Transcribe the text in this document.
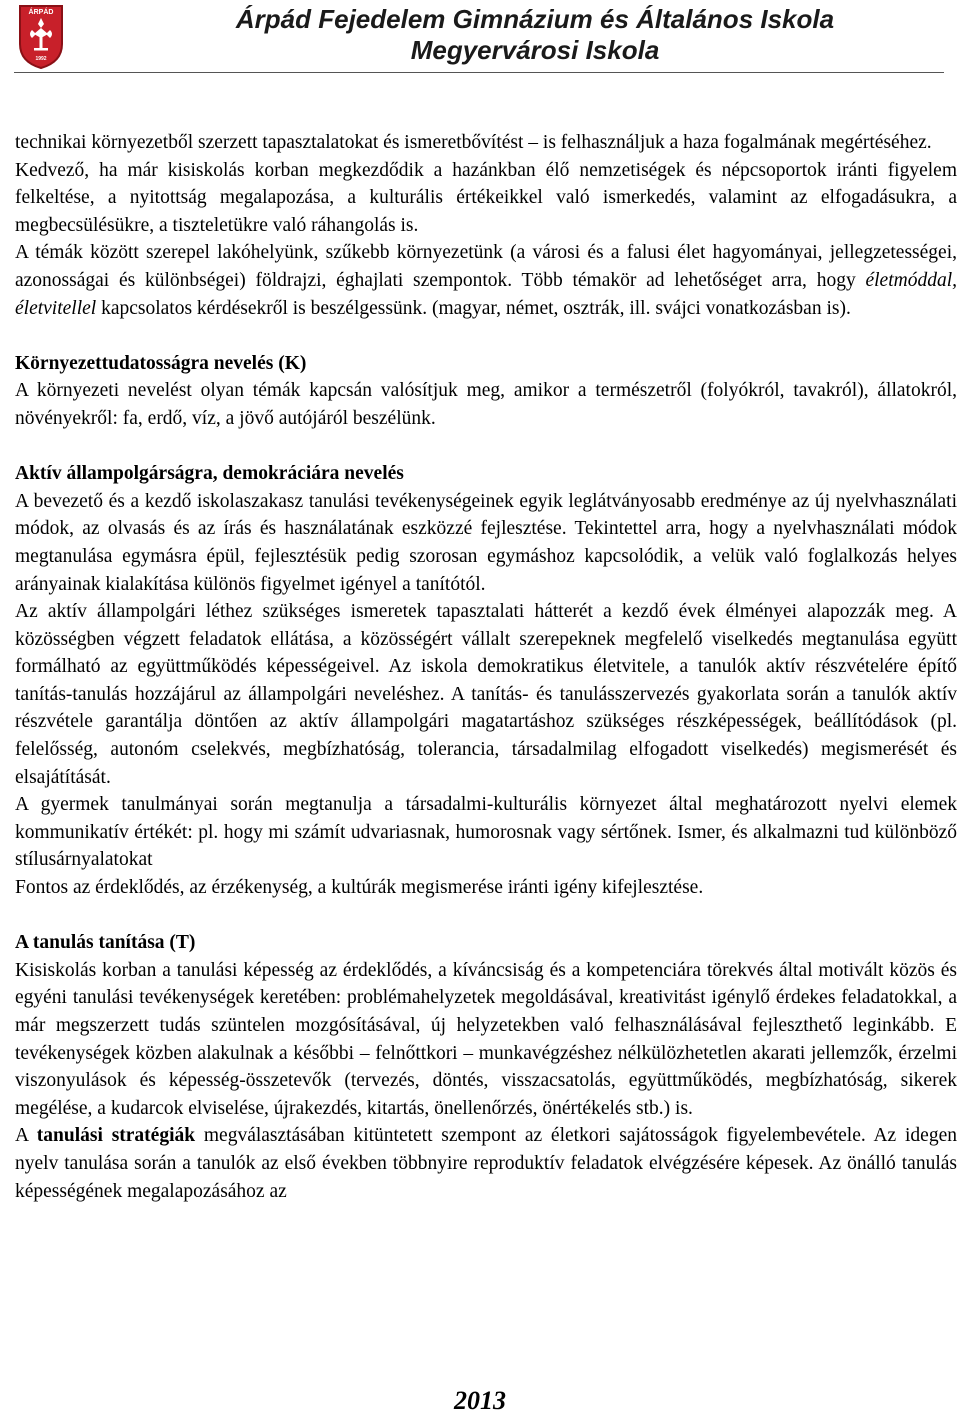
ÁRPÁD
1992
Árpád Fejedelem Gimnázium és Általános Iskola
Megyervárosi Iskola

technikai környezetből szerzett tapasztalatokat és ismeretbővítést – is felhasználjuk a haza fogalmának megértéséhez.

Kedvező, ha már kisiskolás korban megkezdődik a hazánkban élő nemzetiségek és népcsoportok iránti figyelem felkeltése, a nyitottság megalapozása, a kulturális értékeikkel való ismerkedés, valamint az elfogadásukra, a megbecsülésükre, a tiszteletükre való ráhangolás is.

A témák között szerepel lakóhelyünk, szűkebb környezetünk (a városi és a falusi élet hagyományai, jellegzetességei, azonosságai és különbségei) földrajzi, éghajlati szempontok. Több témakör ad lehetőséget arra, hogy életmóddal, életvitellel kapcsolatos kérdésekről is beszélgessünk. (magyar, német, osztrák, ill. svájci vonatkozásban is).

Környezettudatosságra nevelés (K)

A környezeti nevelést olyan témák kapcsán valósítjuk meg, amikor a természetről (folyókról, tavakról), állatokról, növényekről: fa, erdő, víz, a jövő autójáról beszélünk.

Aktív állampolgárságra, demokráciára nevelés

A bevezető és a kezdő iskolaszakasz tanulási tevékenységeinek egyik leglátványosabb eredménye az új nyelvhasználati módok, az olvasás és az írás és használatának eszközzé fejlesztése. Tekintettel arra, hogy a nyelvhasználati módok megtanulása egymásra épül, fejlesztésük pedig szorosan egymáshoz kapcsolódik, a velük való foglalkozás helyes arányainak kialakítása különös figyelmet igényel a tanítótól.

Az aktív állampolgári léthez szükséges ismeretek tapasztalati hátterét a kezdő évek élményei alapozzák meg. A közösségben végzett feladatok ellátása, a közösségért vállalt szerepeknek megfelelő viselkedés megtanulása együtt formálható az együttműködés képességeivel. Az iskola demokratikus életvitele, a tanulók aktív részvételére építő tanítás-tanulás hozzájárul az állampolgári neveléshez. A tanítás- és tanulásszervezés gyakorlata során a tanulók aktív részvétele garantálja döntően az aktív állampolgári magatartáshoz szükséges részképességek, beállítódások (pl. felelősség, autonóm cselekvés, megbízhatóság, tolerancia, társadalmilag elfogadott viselkedés) megismerését és elsajátítását.

A gyermek tanulmányai során megtanulja a társadalmi-kulturális környezet által meghatározott nyelvi elemek kommunikatív értékét: pl. hogy mi számít udvariasnak, humorosnak vagy sértőnek. Ismer, és alkalmazni tud különböző stílusárnyalatokat

Fontos az érdeklődés, az érzékenység, a kultúrák megismerése iránti igény kifejlesztése.

A tanulás tanítása (T)

Kisiskolás korban a tanulási képesség az érdeklődés, a kíváncsiság és a kompetenciára törekvés által motivált közös és egyéni tanulási tevékenységek keretében: problémahelyzetek megoldásával, kreativitást igénylő érdekes feladatokkal, a már megszerzett tudás szüntelen mozgósításával, új helyzetekben való felhasználásával fejleszthető leginkább. E tevékenységek közben alakulnak a későbbi – felnőttkori – munkavégzéshez nélkülözhetetlen akarati jellemzők, érzelmi viszonyulások és képesség-összetevők (tervezés, döntés, visszacsatolás, együttműködés, megbízhatóság, sikerek megélése, a kudarcok elviselése, újrakezdés, kitartás, önellenőrzés, önértékelés stb.) is.

A tanulási stratégiák megválasztásában kitüntetett szempont az életkori sajátosságok figyelembevétele. Az idegen nyelv tanulása során a tanulók az első években többnyire reproduktív feladatok elvégzésére képesek. Az önálló tanulás képességének megalapozásához az

2013
